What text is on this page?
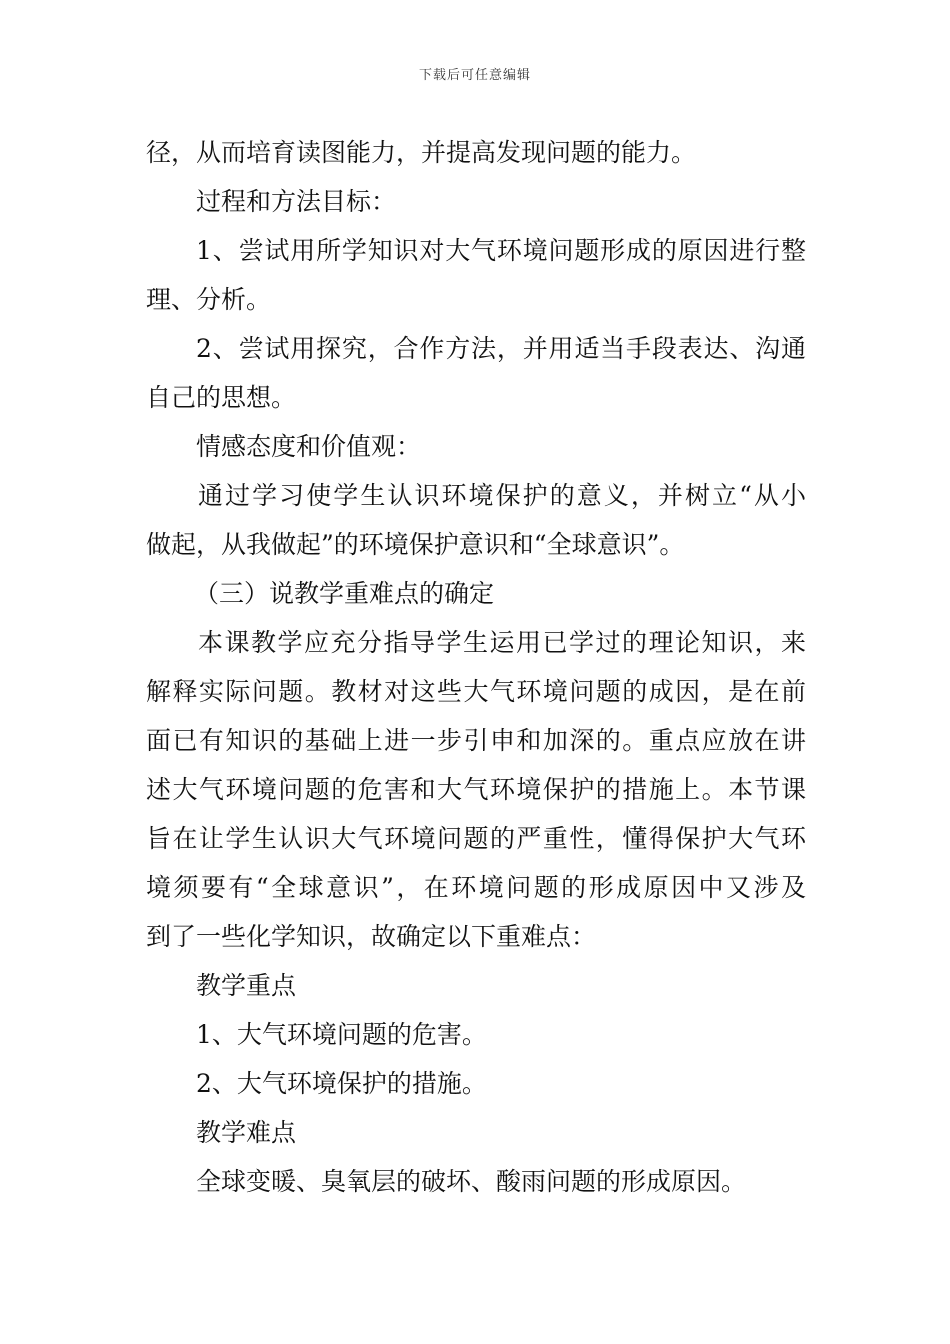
下载后可任意编辑
径，从而培育读图能力，并提高发现问题的能力。
过程和方法目标：
1、尝试用所学知识对大气环境问题形成的原因进行整
理、分析。
2、尝试用探究，合作方法，并用适当手段表达、沟通
自己的思想。
情感态度和价值观：
通过学习使学生认识环境保护的意义，并树立“从小
做起，从我做起”的环境保护意识和“全球意识”。
（三）说教学重难点的确定
本课教学应充分指导学生运用已学过的理论知识，来
解释实际问题。教材对这些大气环境问题的成因，是在前
面已有知识的基础上进一步引申和加深的。重点应放在讲
述大气环境问题的危害和大气环境保护的措施上。本节课
旨在让学生认识大气环境问题的严重性，懂得保护大气环
境须要有“全球意识”，在环境问题的形成原因中又涉及
到了一些化学知识，故确定以下重难点：
教学重点
1、大气环境问题的危害。
2、大气环境保护的措施。
教学难点
全球变暖、臭氧层的破坏、酸雨问题的形成原因。
